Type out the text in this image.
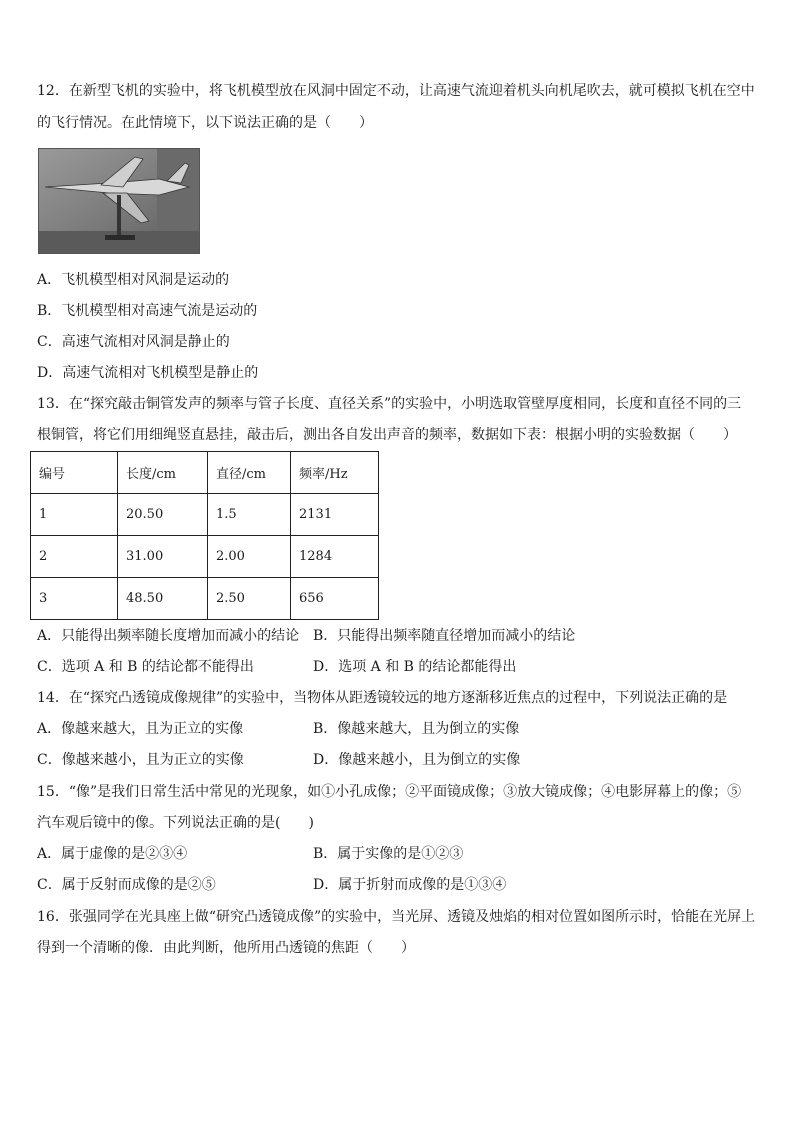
12．在新型飞机的实验中，将飞机模型放在风洞中固定不动，让高速气流迎着机头向机尾吹去，就可模拟飞机在空中
的飞行情况。在此情境下，以下说法正确的是（　　）
A．飞机模型相对风洞是运动的
B．飞机模型相对高速气流是运动的
C．高速气流相对风洞是静止的
D．高速气流相对飞机模型是静止的
13．在“探究敲击铜管发声的频率与管子长度、直径关系”的实验中，小明选取管壁厚度相同，长度和直径不同的三
根铜管，将它们用细绳竖直悬挂，敲击后，测出各自发出声音的频率，数据如下表：根据小明的实验数据（　　）
编号	长度/cm	直径/cm	频率/Hz
1	20.50	1.5	2131
2	31.00	2.00	1284
3	48.50	2.50	656
A．只能得出频率随长度增加而减小的结论 B．只能得出频率随直径增加而减小的结论
C．选项 A 和 B 的结论都不能得出	D．选项 A 和 B 的结论都能得出
14．在“探究凸透镜成像规律”的实验中，当物体从距透镜较远的地方逐渐移近焦点的过程中，下列说法正确的是
A．像越来越大，且为正立的实像	B．像越来越大，且为倒立的实像
C．像越来越小，且为正立的实像	D．像越来越小，且为倒立的实像
15．“像”是我们日常生活中常见的光现象，如①小孔成像；②平面镜成像；③放大镜成像；④电影屏幕上的像；⑤
汽车观后镜中的像。下列说法正确的是(　　)
A．属于虚像的是②③④	B．属于实像的是①②③
C．属于反射而成像的是②⑤	D．属于折射而成像的是①③④
16．张强同学在光具座上做“研究凸透镜成像”的实验中，当光屏、透镜及烛焰的相对位置如图所示时，恰能在光屏上
得到一个清晰的像．由此判断，他所用凸透镜的焦距（　　）
